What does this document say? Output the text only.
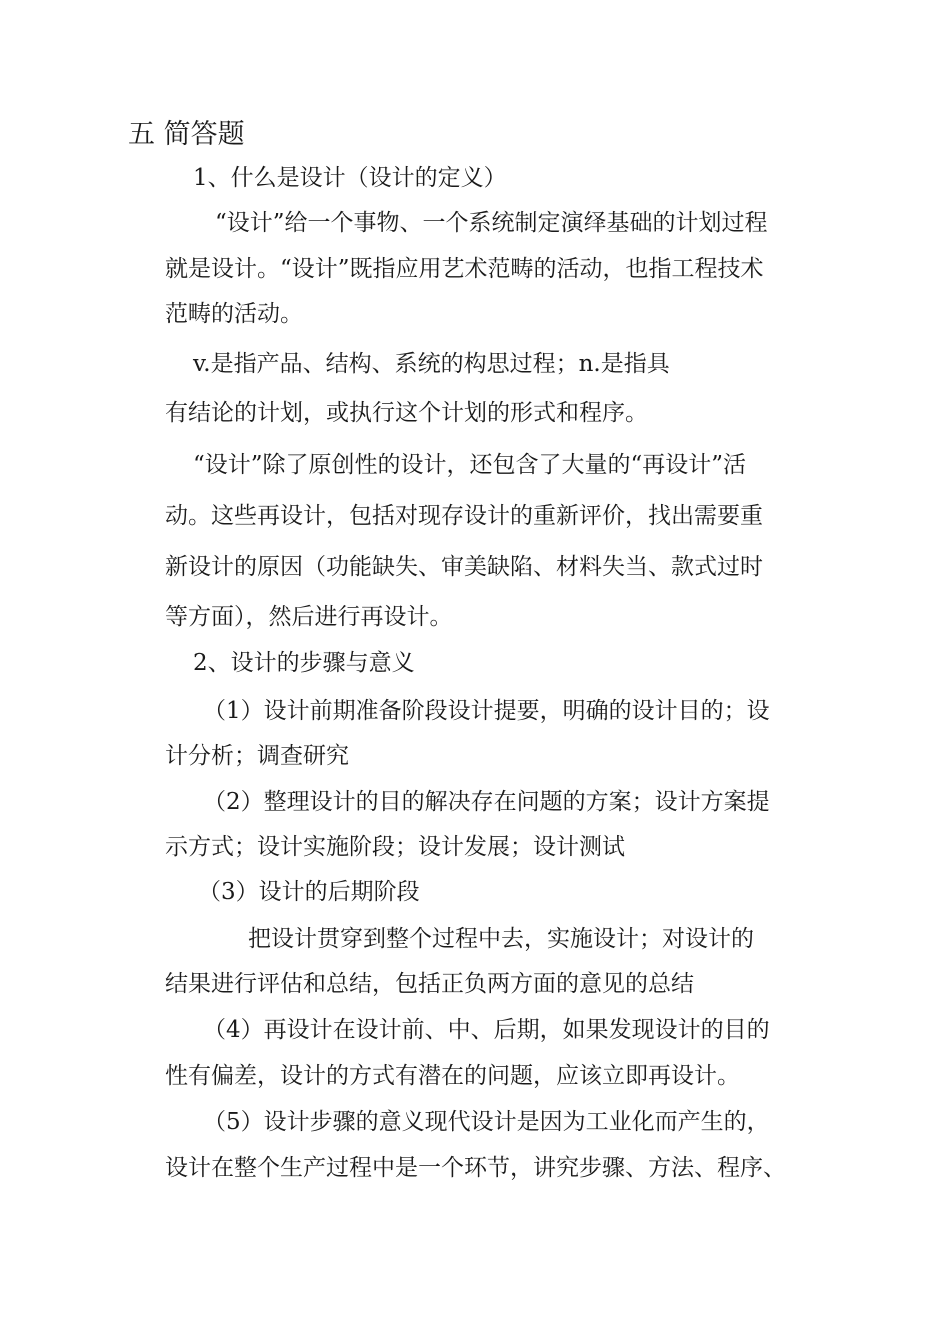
五 简答题
1、什么是设计（设计的定义）
“设计”给一个事物、一个系统制定演绎基础的计划过程
就是设计。“设计”既指应用艺术范畴的活动，也指工程技术
范畴的活动。
v.是指产品、结构、系统的构思过程；n.是指具
有结论的计划，或执行这个计划的形式和程序。
“设计”除了原创性的设计，还包含了大量的“再设计”活
动。这些再设计，包括对现存设计的重新评价，找出需要重
新设计的原因（功能缺失、审美缺陷、材料失当、款式过时
等方面），然后进行再设计。
2、设计的步骤与意义
（1）设计前期准备阶段设计提要，明确的设计目的；设
计分析；调查研究
（2）整理设计的目的解决存在问题的方案；设计方案提
示方式；设计实施阶段；设计发展；设计测试
（3）设计的后期阶段
把设计贯穿到整个过程中去，实施设计；对设计的
结果进行评估和总结，包括正负两方面的意见的总结
（4）再设计在设计前、中、后期，如果发现设计的目的
性有偏差，设计的方式有潜在的问题，应该立即再设计。
（5）设计步骤的意义现代设计是因为工业化而产生的，
设计在整个生产过程中是一个环节，讲究步骤、方法、程序、
